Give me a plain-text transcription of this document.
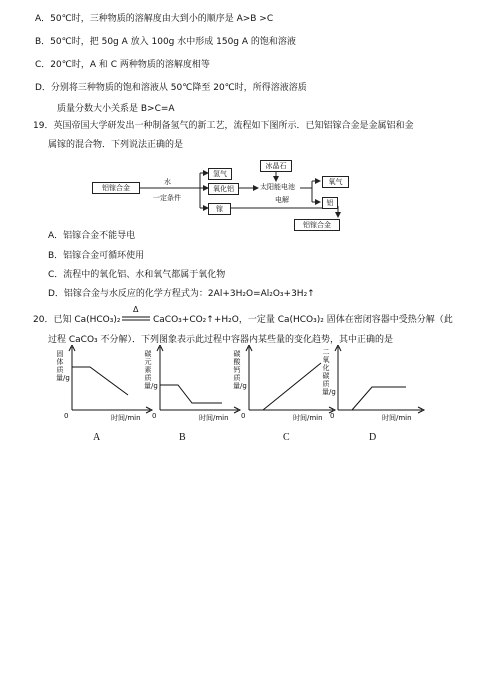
A．50℃时，三种物质的溶解度由大到小的顺序是 A>B >C
B．50℃时，把 50g A 放入 100g 水中形成 150g A 的饱和溶液
C．20℃时，A 和 C 两种物质的溶解度相等
D．分别将三种物质的饱和溶液从 50℃降至 20℃时，所得溶液溶质
质量分数大小关系是 B>C=A
19．英国帝国大学研发出一种制备氢气的新工艺，流程如下图所示．已知铝镓合金是金属铝和金
属镓的混合物．下列说法正确的是
铝镓合金
水
一定条件
氢气
氧化铝
镓
冰晶石
太阳能电池
电解
氧气
铝
铝镓合金
A．铝镓合金不能导电
B．铝镓合金可循环使用
C．流程中的氧化铝、水和氧气都属于氧化物
D．铝镓合金与水反应的化学方程式为：2Al+3H₂O=Al₂O₃+3H₂↑
20．已知 Ca(HCO₃)₂
Δ
CaCO₃+CO₂↑+H₂O，一定量 Ca(HCO₃)₂ 固体在密闭容器中受热分解（此
过程 CaCO₃ 不分解）．下列图象表示此过程中容器内某些量的变化趋势，其中正确的是
固体质量/g
0	时间/min
碳元素质量/g
0	时间/min
碳酸钙质量/g
0	时间/min
二氧化碳质量/g
0	时间/min
A	B	C	D
